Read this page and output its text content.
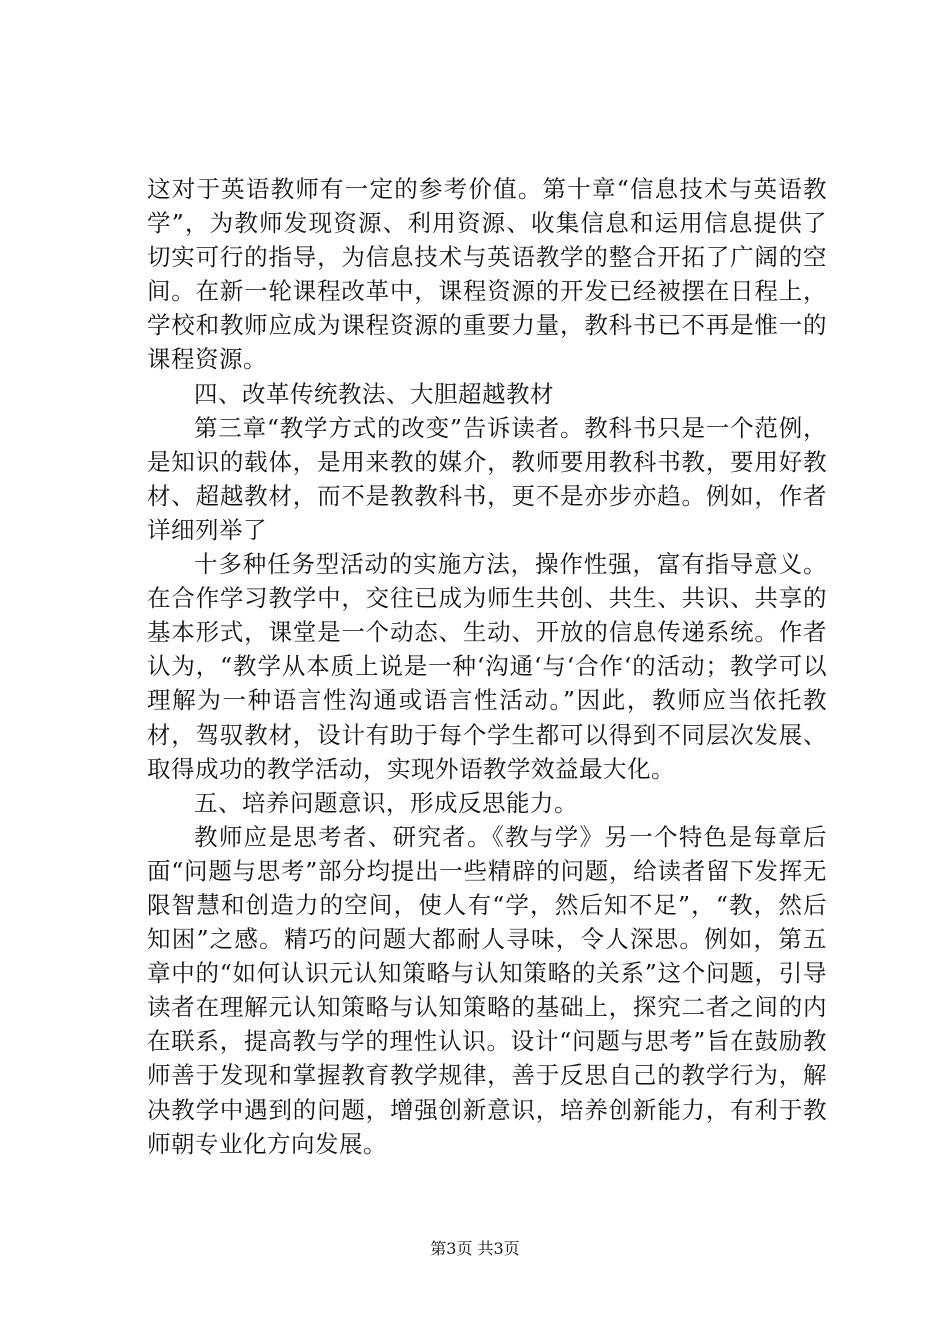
这对于英语教师有一定的参考价值。第十章“信息技术与英语教学”，为教师发现资源、利用资源、收集信息和运用信息提供了切实可行的指导，为信息技术与英语教学的整合开拓了广阔的空间。在新一轮课程改革中，课程资源的开发已经被摆在日程上，学校和教师应成为课程资源的重要力量，教科书已不再是惟一的课程资源。

四、改革传统教法、大胆超越教材

第三章“教学方式的改变”告诉读者。教科书只是一个范例，是知识的载体，是用来教的媒介，教师要用教科书教，要用好教材、超越教材，而不是教教科书，更不是亦步亦趋。例如，作者详细列举了

十多种任务型活动的实施方法，操作性强，富有指导意义。在合作学习教学中，交往已成为师生共创、共生、共识、共享的基本形式，课堂是一个动态、生动、开放的信息传递系统。作者认为，“教学从本质上说是一种‘沟通‘与‘合作‘的活动；教学可以理解为一种语言性沟通或语言性活动。”因此，教师应当依托教材，驾驭教材，设计有助于每个学生都可以得到不同层次发展、取得成功的教学活动，实现外语教学效益最大化。

五、培养问题意识，形成反思能力。

教师应是思考者、研究者。《教与学》另一个特色是每章后面“问题与思考”部分均提出一些精辟的问题，给读者留下发挥无限智慧和创造力的空间，使人有“学，然后知不足”，“教，然后知困”之感。精巧的问题大都耐人寻味，令人深思。例如，第五章中的“如何认识元认知策略与认知策略的关系”这个问题，引导读者在理解元认知策略与认知策略的基础上，探究二者之间的内在联系，提高教与学的理性认识。设计“问题与思考”旨在鼓励教师善于发现和掌握教育教学规律，善于反思自己的教学行为，解决教学中遇到的问题，增强创新意识，培养创新能力，有利于教师朝专业化方向发展。

第3页 共3页
